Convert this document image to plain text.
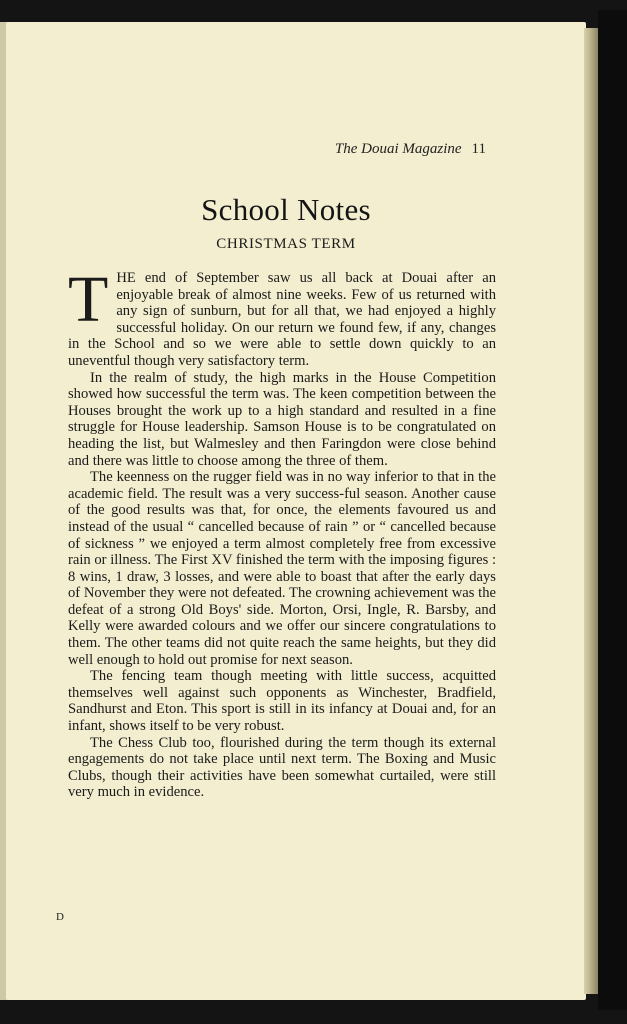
The Douai Magazine 11
School Notes
CHRISTMAS TERM

THE end of September saw us all back at Douai after an enjoyable break of almost nine weeks. Few of us returned with any sign of sunburn, but for all that, we had enjoyed a highly successful holiday. On our return we found few, if any, changes in the School and so we were able to settle down quickly to an uneventful though very satisfactory term.

In the realm of study, the high marks in the House Competition showed how successful the term was. The keen competition between the Houses brought the work up to a high standard and resulted in a fine struggle for House leadership. Samson House is to be congratulated on heading the list, but Walmesley and then Faringdon were close behind and there was little to choose among the three of them.

The keenness on the rugger field was in no way inferior to that in the academic field. The result was a very success-ful season. Another cause of the good results was that, for once, the elements favoured us and instead of the usual “ cancelled because of rain ” or “ cancelled because of sickness ” we enjoyed a term almost completely free from excessive rain or illness. The First XV finished the term with the imposing figures : 8 wins, 1 draw, 3 losses, and were able to boast that after the early days of November they were not defeated. The crowning achievement was the defeat of a strong Old Boys' side. Morton, Orsi, Ingle, R. Barsby, and Kelly were awarded colours and we offer our sincere congratulations to them. The other teams did not quite reach the same heights, but they did well enough to hold out promise for next season.

The fencing team though meeting with little success, acquitted themselves well against such opponents as Winchester, Bradfield, Sandhurst and Eton. This sport is still in its infancy at Douai and, for an infant, shows itself to be very robust.

The Chess Club too, flourished during the term though its external engagements do not take place until next term. The Boxing and Music Clubs, though their activities have been somewhat curtailed, were still very much in evidence.

D
